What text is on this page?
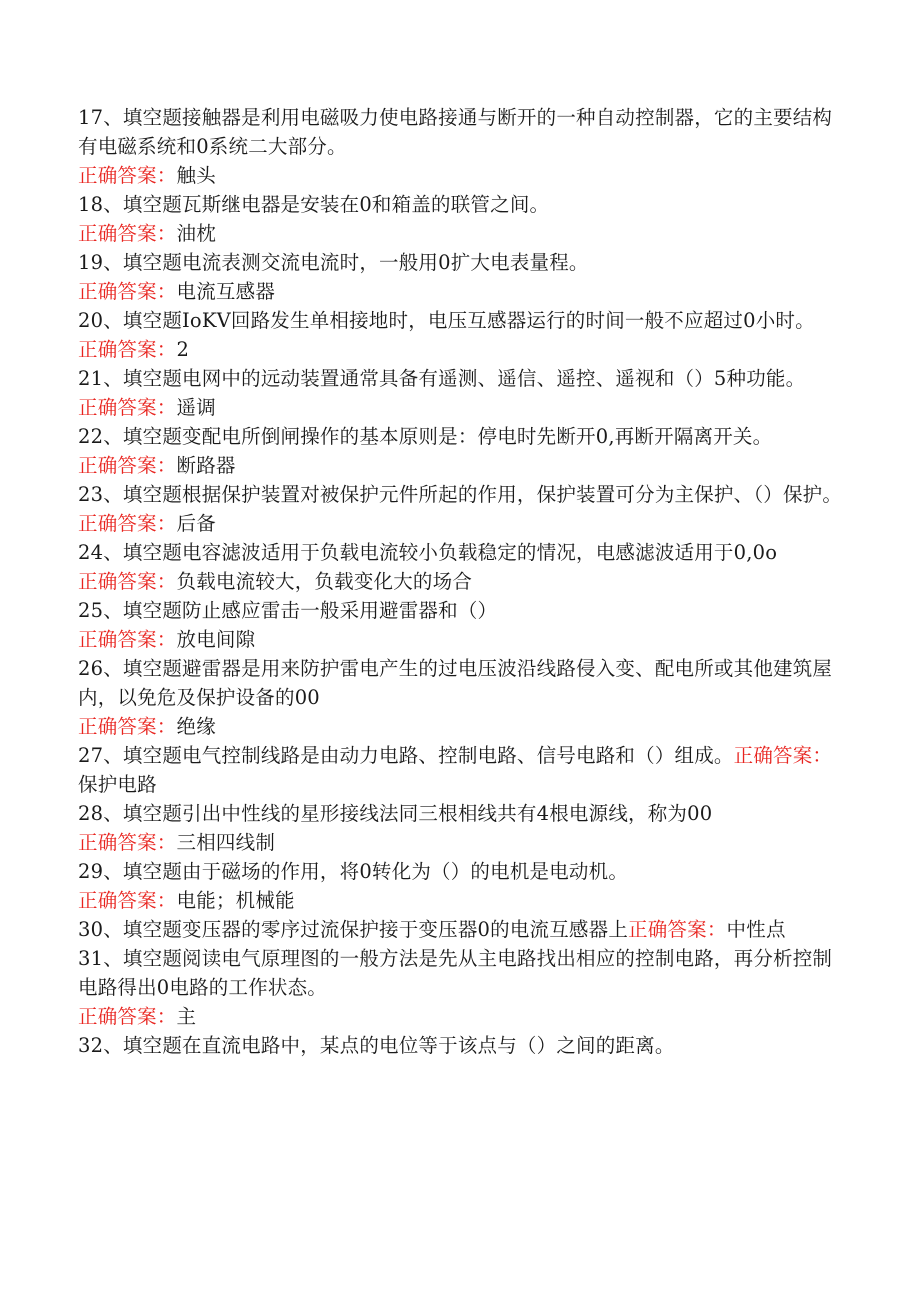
17、填空题接触器是利用电磁吸力使电路接通与断开的一种自动控制器，它的主要结构有电磁系统和0系统二大部分。

正确答案：触头

18、填空题瓦斯继电器是安装在0和箱盖的联管之间。

正确答案：油枕

19、填空题电流表测交流电流时，一般用0扩大电表量程。

正确答案：电流互感器

20、填空题IoKV回路发生单相接地时，电压互感器运行的时间一般不应超过0小时。

正确答案：2

21、填空题电网中的远动装置通常具备有遥测、遥信、遥控、遥视和（）5种功能。

正确答案：遥调

22、填空题变配电所倒闸操作的基本原则是：停电时先断开0,再断开隔离开关。

正确答案：断路器

23、填空题根据保护装置对被保护元件所起的作用，保护装置可分为主保护、（）保护。

正确答案：后备

24、填空题电容滤波适用于负载电流较小负载稳定的情况，电感滤波适用于0,0o

正确答案：负载电流较大，负载变化大的场合

25、填空题防止感应雷击一般采用避雷器和（）

正确答案：放电间隙

26、填空题避雷器是用来防护雷电产生的过电压波沿线路侵入变、配电所或其他建筑屋内，以免危及保护设备的00

正确答案：绝缘

27、填空题电气控制线路是由动力电路、控制电路、信号电路和（）组成。正确答案：保护电路

28、填空题引出中性线的星形接线法同三根相线共有4根电源线，称为00

正确答案：三相四线制

29、填空题由于磁场的作用，将0转化为（）的电机是电动机。

正确答案：电能；机械能

30、填空题变压器的零序过流保护接于变压器0的电流互感器上正确答案：中性点

31、填空题阅读电气原理图的一般方法是先从主电路找出相应的控制电路，再分析控制电路得出0电路的工作状态。

正确答案：主

32、填空题在直流电路中，某点的电位等于该点与（）之间的距离。
